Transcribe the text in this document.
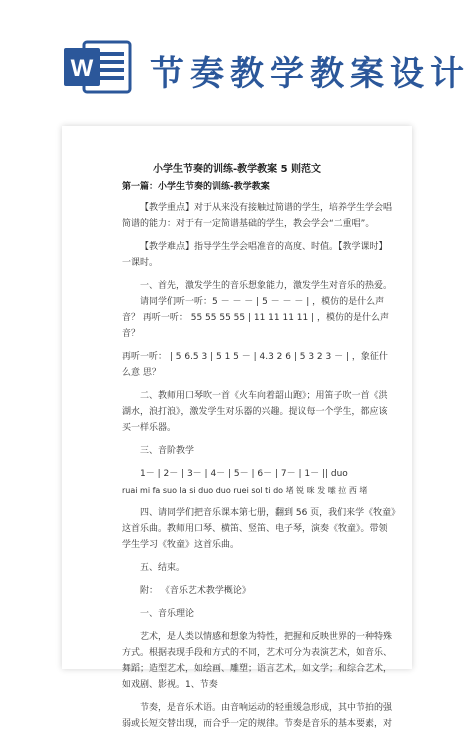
W 节奏教学教案设计
小学生节奏的训练-教学教案 5 则范文
第一篇：小学生节奏的训练-教学教案
【教学重点】对于从来没有接触过简谱的学生，培养学生学会唱
简谱的能力：对于有一定简谱基础的学生，教会学会“二重唱”。
【教学难点】指导学生学会唱准音的高度、时值。【教学课时】
一课时。
一、首先，激发学生的音乐想象能力，激发学生对音乐的热爱。
请同学们听一听：5 － － － | 5 － － － | ，模仿的是什么声
音？ 再听一听： 55 55 55 55 | 11 11 11 11 | ，模仿的是什么声
音？
再听一听： | 5 6.5 3 | 5 1 5 － | 4.3 2 6 | 5 3 2 3 － | ，象征什
么意 思？
二、教师用口琴吹一首《火车向着韶山跑》；用笛子吹一首《洪
湖水，浪打浪》，激发学生对乐器的兴趣。提议每一个学生，都应该
买一样乐器。
三、音阶教学
1－ | 2－ | 3－ | 4－ | 5－ | 6－ | 7－ | 1－ || duo
ruai mi fa suo la si duo duo ruei sol ti do 堵 锐 咪 发 嗦 拉 西 堵
四、请同学们把音乐课本第七册，翻到 56 页，我们来学《牧童》
这首乐曲。教师用口琴、横笛、竖笛、电子琴，演奏《牧童》。带领
学生学习《牧童》这首乐曲。
五、结束。
附： 《音乐艺术教学概论》
一、音乐理论
艺术，是人类以情感和想象为特性，把握和反映世界的一种特殊
方式。根据表现手段和方式的不同，艺术可分为表演艺术，如音乐、
舞蹈；造型艺术，如绘画、雕塑；语言艺术，如文学；和综合艺术，
如戏剧、影视。1、节奏
节奏，是音乐术语。由音响运动的轻重缓急形成，其中节拍的强
弱或长短交替出现，而合乎一定的规律。节奏是音乐的基本要素，对
